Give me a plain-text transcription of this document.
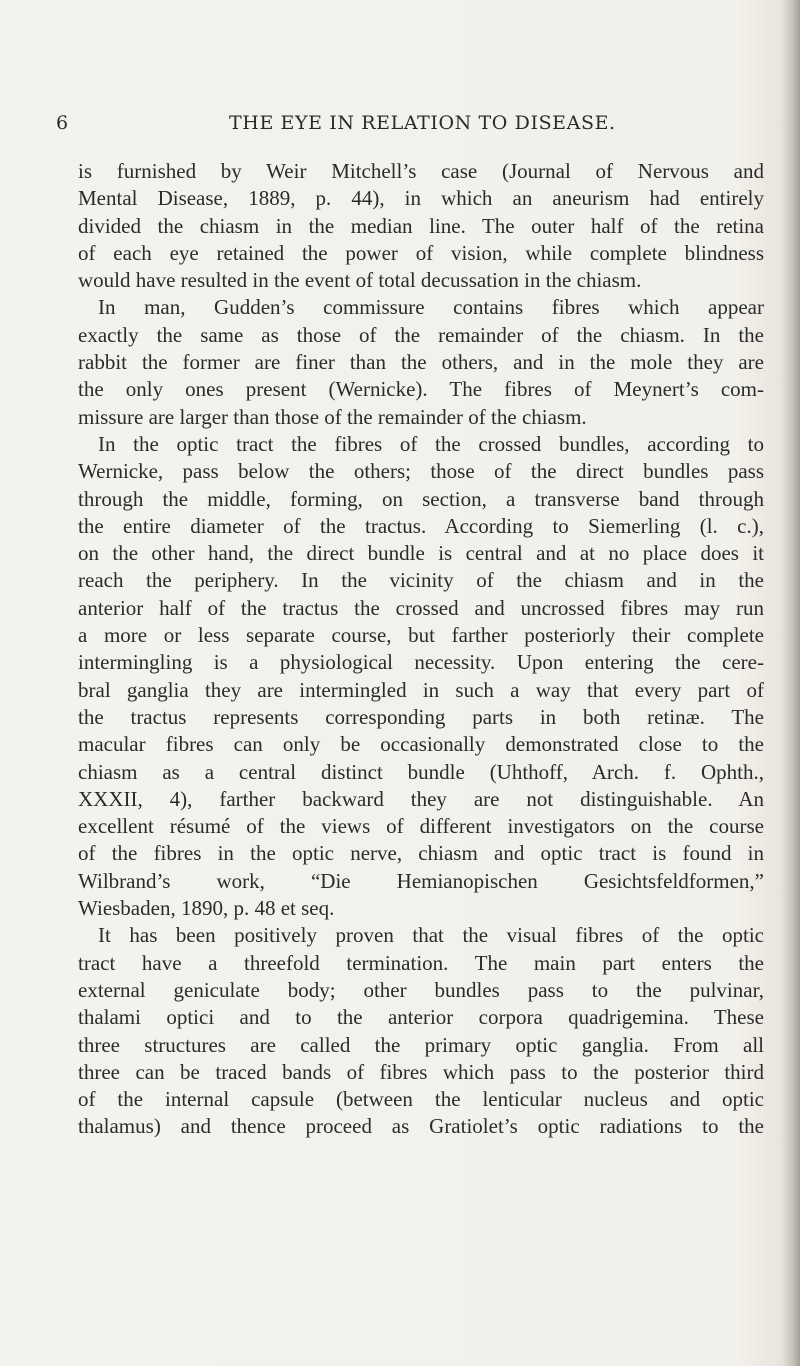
6	THE EYE IN RELATION TO DISEASE.

is furnished by Weir Mitchell’s case (Journal of Nervous and

Mental Disease, 1889, p. 44), in which an aneurism had entirely

divided the chiasm in the median line. The outer half of the retina

of each eye retained the power of vision, while complete blindness

would have resulted in the event of total decussation in the chiasm.

In man, Gudden’s commissure contains fibres which appear

exactly the same as those of the remainder of the chiasm. In the

rabbit the former are finer than the others, and in the mole they are

the only ones present (Wernicke). The fibres of Meynert’s com-

missure are larger than those of the remainder of the chiasm.

In the optic tract the fibres of the crossed bundles, according to

Wernicke, pass below the others; those of the direct bundles pass

through the middle, forming, on section, a transverse band through

the entire diameter of the tractus. According to Siemerling (l. c.),

on the other hand, the direct bundle is central and at no place does it

reach the periphery. In the vicinity of the chiasm and in the

anterior half of the tractus the crossed and uncrossed fibres may run

a more or less separate course, but farther posteriorly their complete

intermingling is a physiological necessity. Upon entering the cere-

bral ganglia they are intermingled in such a way that every part of

the tractus represents corresponding parts in both retinæ. The

macular fibres can only be occasionally demonstrated close to the

chiasm as a central distinct bundle (Uhthoff, Arch. f. Ophth.,

XXXII, 4), farther backward they are not distinguishable. An

excellent résumé of the views of different investigators on the course

of the fibres in the optic nerve, chiasm and optic tract is found in

Wilbrand’s work, “Die Hemianopischen Gesichtsfeldformen,”

Wiesbaden, 1890, p. 48 et seq.

It has been positively proven that the visual fibres of the optic

tract have a threefold termination. The main part enters the

external geniculate body; other bundles pass to the pulvinar,

thalami optici and to the anterior corpora quadrigemina. These

three structures are called the primary optic ganglia. From all

three can be traced bands of fibres which pass to the posterior third

of the internal capsule (between the lenticular nucleus and optic

thalamus) and thence proceed as Gratiolet’s optic radiations to the
